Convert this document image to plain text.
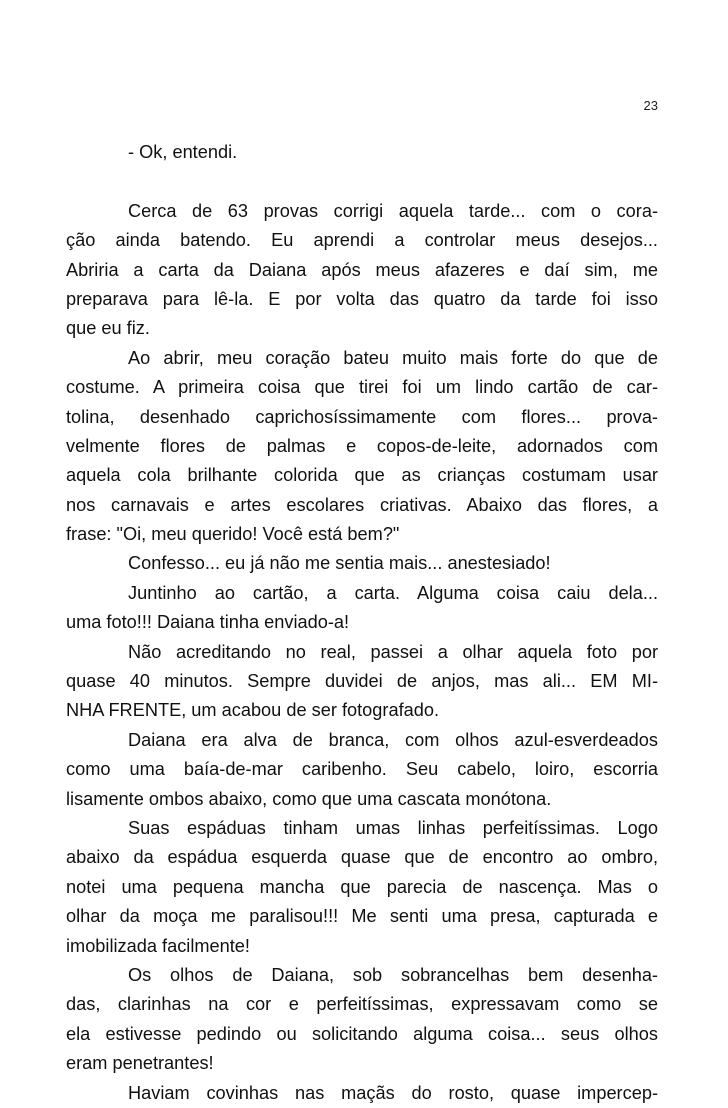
23
- Ok, entendi.
Cerca de 63 provas corrigi aquela tarde... com o cora-
ção ainda batendo. Eu aprendi a controlar meus desejos...
Abriria a carta da Daiana após meus afazeres e daí sim, me
preparava para lê-la. E por volta das quatro da tarde foi isso
que eu fiz.
Ao abrir, meu coração bateu muito mais forte do que de
costume. A primeira coisa que tirei foi um lindo cartão de car-
tolina, desenhado caprichosíssimamente com flores... prova-
velmente flores de palmas e copos-de-leite, adornados com
aquela cola brilhante colorida que as crianças costumam usar
nos carnavais e artes escolares criativas. Abaixo das flores, a
frase: "Oi, meu querido! Você está bem?"
Confesso... eu já não me sentia mais... anestesiado!
Juntinho ao cartão, a carta. Alguma coisa caiu dela...
uma foto!!! Daiana tinha enviado-a!
Não acreditando no real, passei a olhar aquela foto por
quase 40 minutos. Sempre duvidei de anjos, mas ali... EM MI-
NHA FRENTE, um acabou de ser fotografado.
Daiana era alva de branca, com olhos azul-esverdeados
como uma baía-de-mar caribenho. Seu cabelo, loiro, escorria
lisamente ombos abaixo, como que uma cascata monótona.
Suas espáduas tinham umas linhas perfeitíssimas. Logo
abaixo da espádua esquerda quase que de encontro ao ombro,
notei uma pequena mancha que parecia de nascença. Mas o
olhar da moça me paralisou!!! Me senti uma presa, capturada e
imobilizada facilmente!
Os olhos de Daiana, sob sobrancelhas bem desenha-
das, clarinhas na cor e perfeitíssimas, expressavam como se
ela estivesse pedindo ou solicitando alguma coisa... seus olhos
eram penetrantes!
Haviam covinhas nas maçãs do rosto, quase impercep-
